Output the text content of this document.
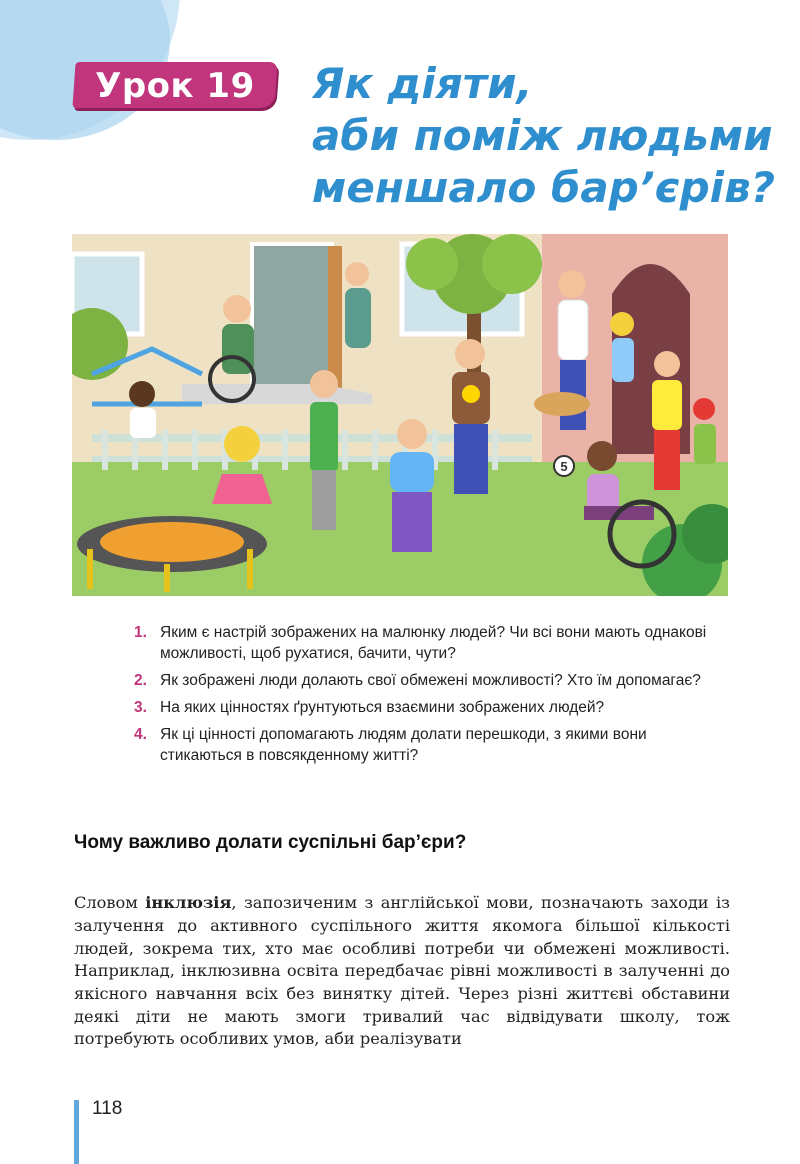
Урок 19	Як діяти,
аби поміж людьми
меншало бар’єрів?
5
1. Яким є настрій зображених на малюнку людей? Чи всі вони мають однакові можливості, щоб рухатися, бачити, чути?
2. Як зображені люди долають свої обмежені можливості? Хто їм допомагає?
3. На яких цінностях ґрунтуються взаємини зображених людей?
4. Як ці цінності допомагають людям долати перешкоди, з якими вони стикаються в повсякденному житті?
Чому важливо долати суспільні бар’єри?

Словом інклюзія, запозиченим з англійської мови, позначають заходи із залучення до активного суспільного життя якомога більшої кількості людей, зокрема тих, хто має особливі потреби чи обмежені можливості. Наприклад, інклюзивна освіта передбачає рівні можливості в залученні до якісного навчання всіх без винятку дітей. Через різні життєві обставини деякі діти не мають змоги тривалий час відвідувати школу, тож потребують особливих умов, аби реалізувати

118
